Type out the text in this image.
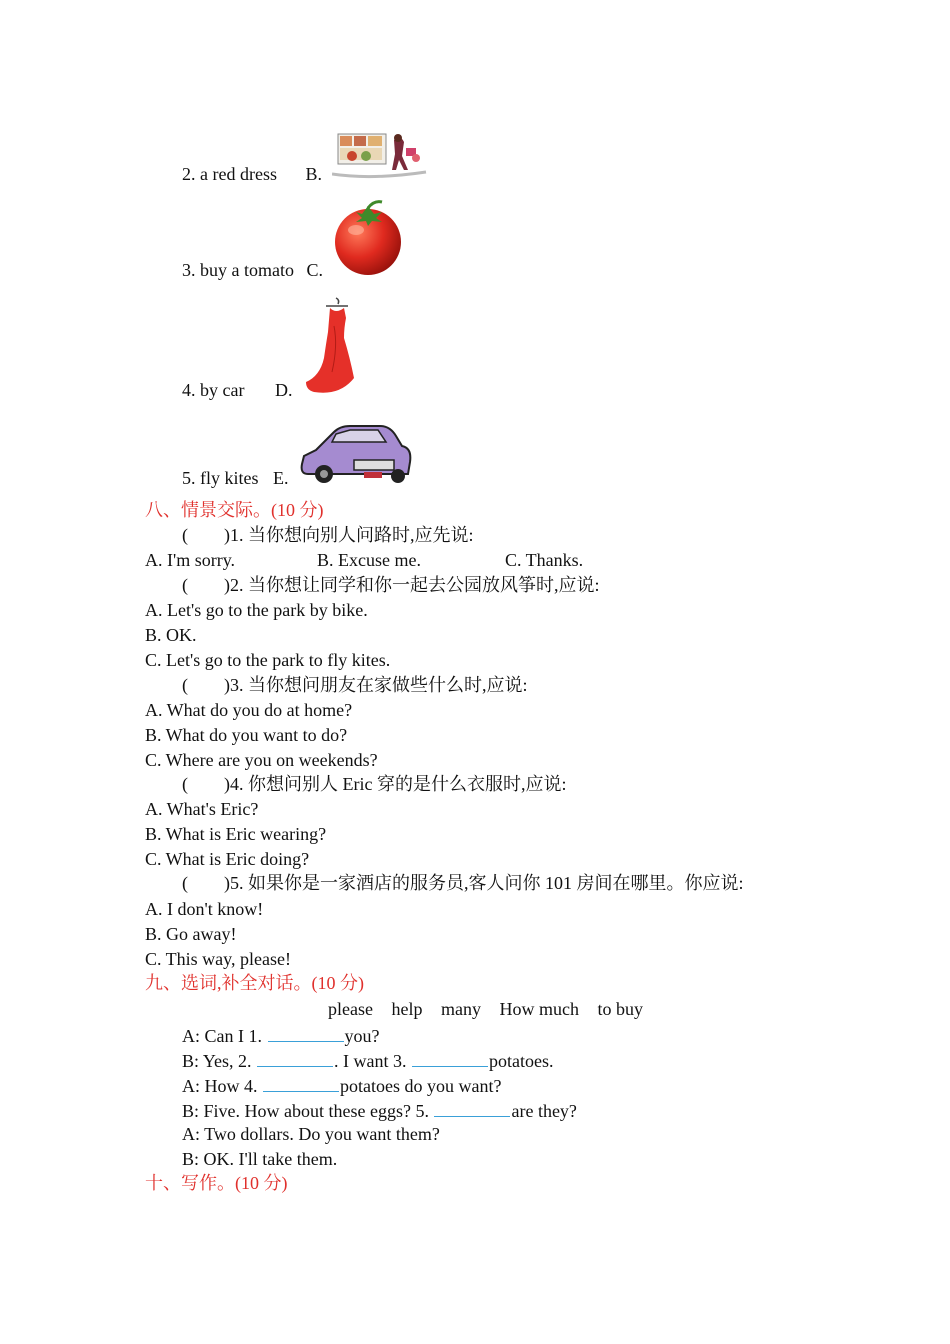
2. a red dress B.
3. buy a tomato C.
4. by car D.
5. fly kites E.
八、情景交际。(10 分)
( )1. 当你想向别人问路时,应先说:
A. I'm sorry.	B. Excuse me.	C. Thanks.
( )2. 当你想让同学和你一起去公园放风筝时,应说:
A. Let's go to the park by bike.
B. OK.
C. Let's go to the park to fly kites.
( )3. 当你想问朋友在家做些什么时,应说:
A. What do you do at home?
B. What do you want to do?
C. Where are you on weekends?
( )4. 你想问别人 Eric 穿的是什么衣服时,应说:
A. What's Eric?
B. What is Eric wearing?
C. What is Eric doing?
( )5. 如果你是一家酒店的服务员,客人问你 101 房间在哪里。你应说:
A. I don't know!
B. Go away!
C. This way, please!
九、选词,补全对话。(10 分)
please help many How much to buy
A: Can I 1.	you?
B: Yes, 2.	. I want 3.	potatoes.
A: How 4.	potatoes do you want?
B: Five. How about these eggs? 5.	are they?
A: Two dollars. Do you want them?
B: OK. I'll take them.
十、写作。(10 分)
